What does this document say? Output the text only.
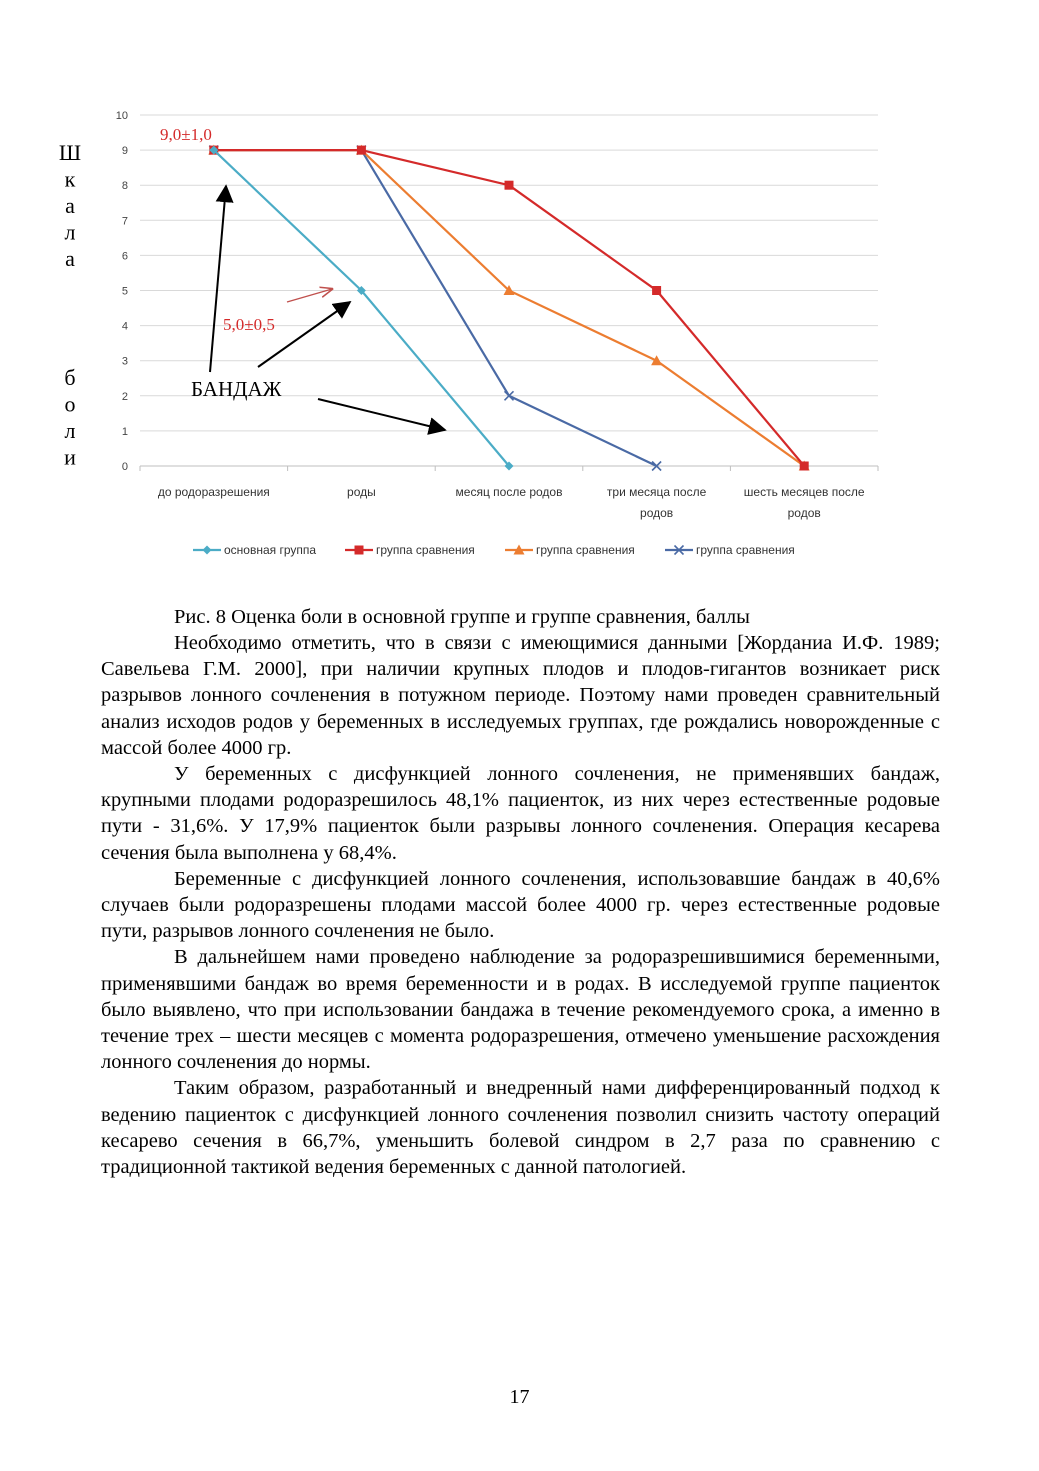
0
1
2
3
4
5
6
7
8
9
10
до родоразрешения	роды	месяц после родов	три месяца после
родов
шесть месяцев после
родов
основная группа	группа сравнения	группа сравнения	группа сравнения
Ш
к
а
л
а
б
о
л
и
9,0±1,0
5,0±0,5
БАНДАЖ
Рис. 8 Оценка боли в основной группе и группе сравнения, баллы

Необходимо отметить, что в связи с имеющимися данными [Жорданиа И.Ф. 1989; Савельева Г.М. 2000], при наличии крупных плодов и плодов-гигантов возникает риск разрывов лонного сочленения в потужном периоде. Поэтому нами проведен сравнительный анализ исходов родов у беременных в исследуемых группах, где рождались новорожденные с массой более 4000 гр.

У беременных с дисфункцией лонного сочленения, не применявших бандаж, крупными плодами родоразрешилось 48,1% пациенток, из них через естественные родовые пути - 31,6%. У 17,9% пациенток были разрывы лонного сочленения. Операция кесарева сечения была выполнена у 68,4%.

Беременные с дисфункцией лонного сочленения, использовавшие бандаж в 40,6% случаев были родоразрешены плодами массой более 4000 гр. через естественные родовые пути, разрывов лонного сочленения не было.

В дальнейшем нами проведено наблюдение за родоразрешившимися беременными, применявшими бандаж во время беременности и в родах. В исследуемой группе пациенток было выявлено, что при использовании бандажа в течение рекомендуемого срока, а именно в течение трех – шести месяцев с момента родоразрешения, отмечено уменьшение расхождения лонного сочленения до нормы.

Таким образом, разработанный и внедренный нами дифференцированный подход к ведению пациенток с дисфункцией лонного сочленения позволил снизить частоту операций кесарево сечения в 66,7%, уменьшить болевой синдром в 2,7 раза по сравнению с традиционной тактикой ведения беременных с данной патологией.

17
